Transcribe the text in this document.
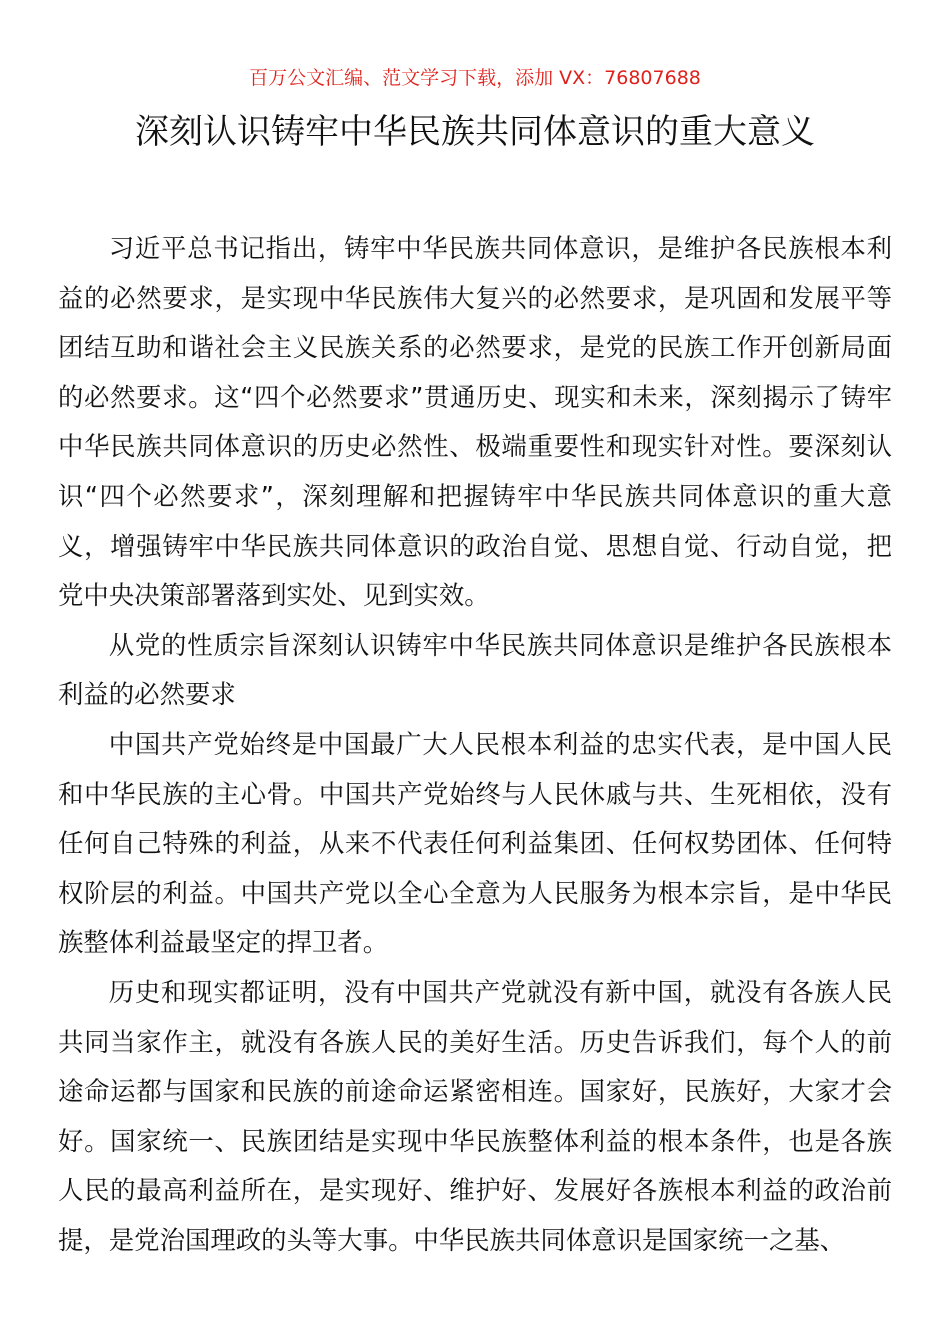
百万公文汇编、范文学习下载，添加 VX：76807688
深刻认识铸牢中华民族共同体意识的重大意义

习近平总书记指出，铸牢中华民族共同体意识，是维护各民族根本利益的必然要求，是实现中华民族伟大复兴的必然要求，是巩固和发展平等团结互助和谐社会主义民族关系的必然要求，是党的民族工作开创新局面的必然要求。这“四个必然要求”贯通历史、现实和未来，深刻揭示了铸牢中华民族共同体意识的历史必然性、极端重要性和现实针对性。要深刻认识“四个必然要求”，深刻理解和把握铸牢中华民族共同体意识的重大意义，增强铸牢中华民族共同体意识的政治自觉、思想自觉、行动自觉，把党中央决策部署落到实处、见到实效。

从党的性质宗旨深刻认识铸牢中华民族共同体意识是维护各民族根本利益的必然要求

中国共产党始终是中国最广大人民根本利益的忠实代表，是中国人民和中华民族的主心骨。中国共产党始终与人民休戚与共、生死相依，没有任何自己特殊的利益，从来不代表任何利益集团、任何权势团体、任何特权阶层的利益。中国共产党以全心全意为人民服务为根本宗旨，是中华民族整体利益最坚定的捍卫者。

历史和现实都证明，没有中国共产党就没有新中国，就没有各族人民共同当家作主，就没有各族人民的美好生活。历史告诉我们，每个人的前途命运都与国家和民族的前途命运紧密相连。国家好，民族好，大家才会好。国家统一、民族团结是实现中华民族整体利益的根本条件，也是各族人民的最高利益所在，是实现好、维护好、发展好各族根本利益的政治前提，是党治国理政的头等大事。中华民族共同体意识是国家统一之基、
